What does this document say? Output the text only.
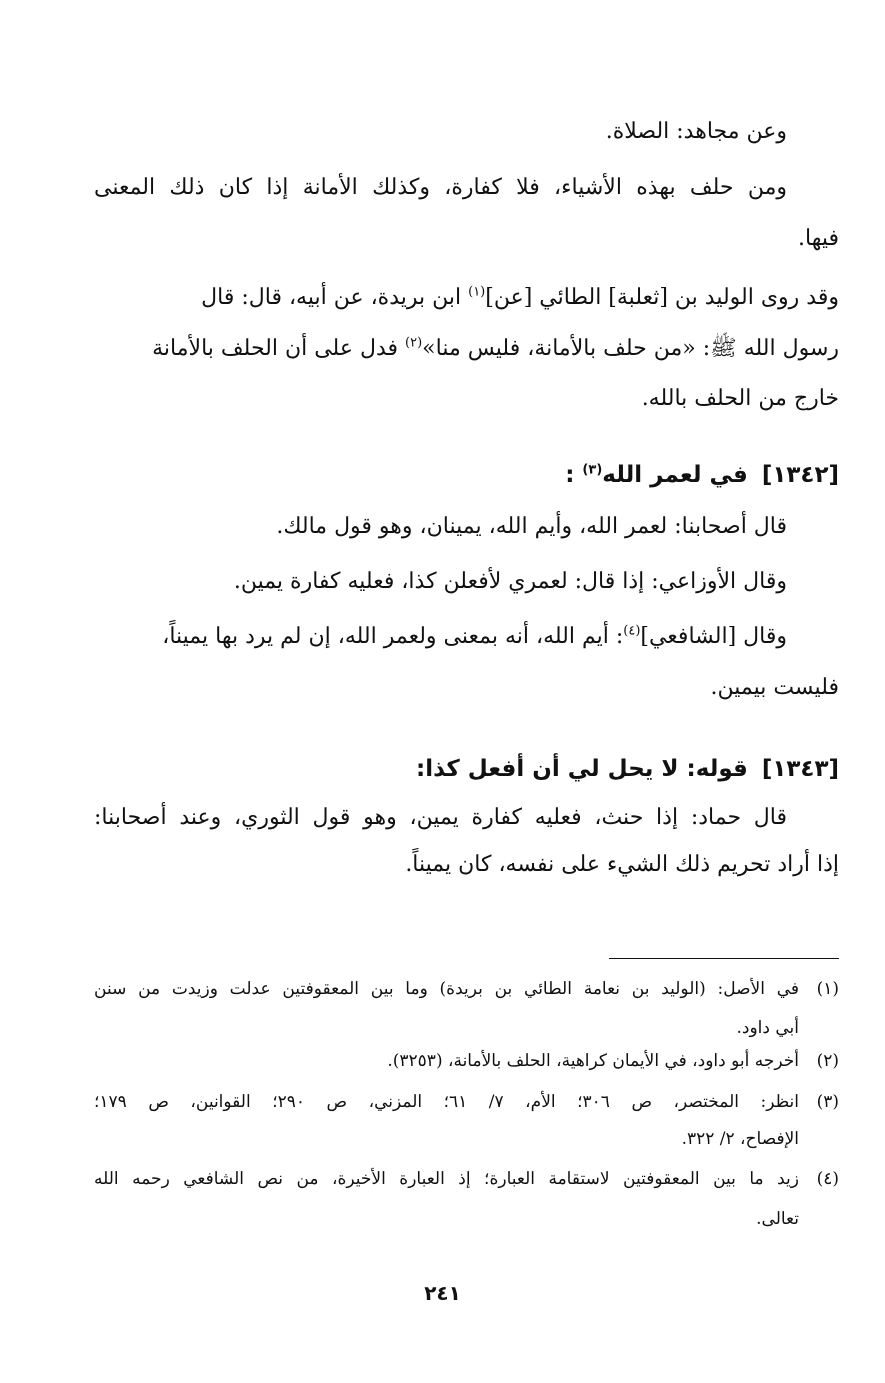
وعن مجاهد: الصلاة.
ومن حلف بهذه الأشياء، فلا كفارة، وكذلك الأمانة إذا كان ذلك المعنى
فيها.
وقد روى الوليد بن [ثعلبة] الطائي [عن]$^{(١)}$ ابن بريدة، عن أبيه، قال: قال
رسول الله ﷺ: «من حلف بالأمانة، فليس منا»$^{(٢)}$ فدل على أن الحلف بالأمانة
خارج من الحلف بالله.
[١٣٤٢]في لعمر الله$^{(٣)}$ :
قال أصحابنا: لعمر الله، وأيم الله، يمينان، وهو قول مالك.
وقال الأوزاعي: إذا قال: لعمري لأفعلن كذا، فعليه كفارة يمين.
وقال [الشافعي]$^{(٤)}$: أيم الله، أنه بمعنى ولعمر الله، إن لم يرد بها يميناً،
فليست بيمين.
[١٣٤٣]قوله: لا يحل لي أن أفعل كذا:
قال حماد: إذا حنث، فعليه كفارة يمين، وهو قول الثوري، وعند أصحابنا:
إذا أراد تحريم ذلك الشيء على نفسه، كان يميناً.
(١)في الأصل: (الوليد بن نعامة الطائي بن بريدة) وما بين المعقوفتين عدلت وزيدت من سنن
أبي داود.
(٢)أخرجه أبو داود، في الأيمان كراهية، الحلف بالأمانة، (٣٢٥٣).
(٣)انظر: المختصر، ص ٣٠٦؛ الأم، ٧/ ٦١؛ المزني، ص ٢٩٠؛ القوانين، ص ١٧٩؛
الإفصاح، ٢/ ٣٢٢.
(٤)زيد ما بين المعقوفتين لاستقامة العبارة؛ إذ العبارة الأخيرة، من نص الشافعي رحمه الله
تعالى.
٢٤١
